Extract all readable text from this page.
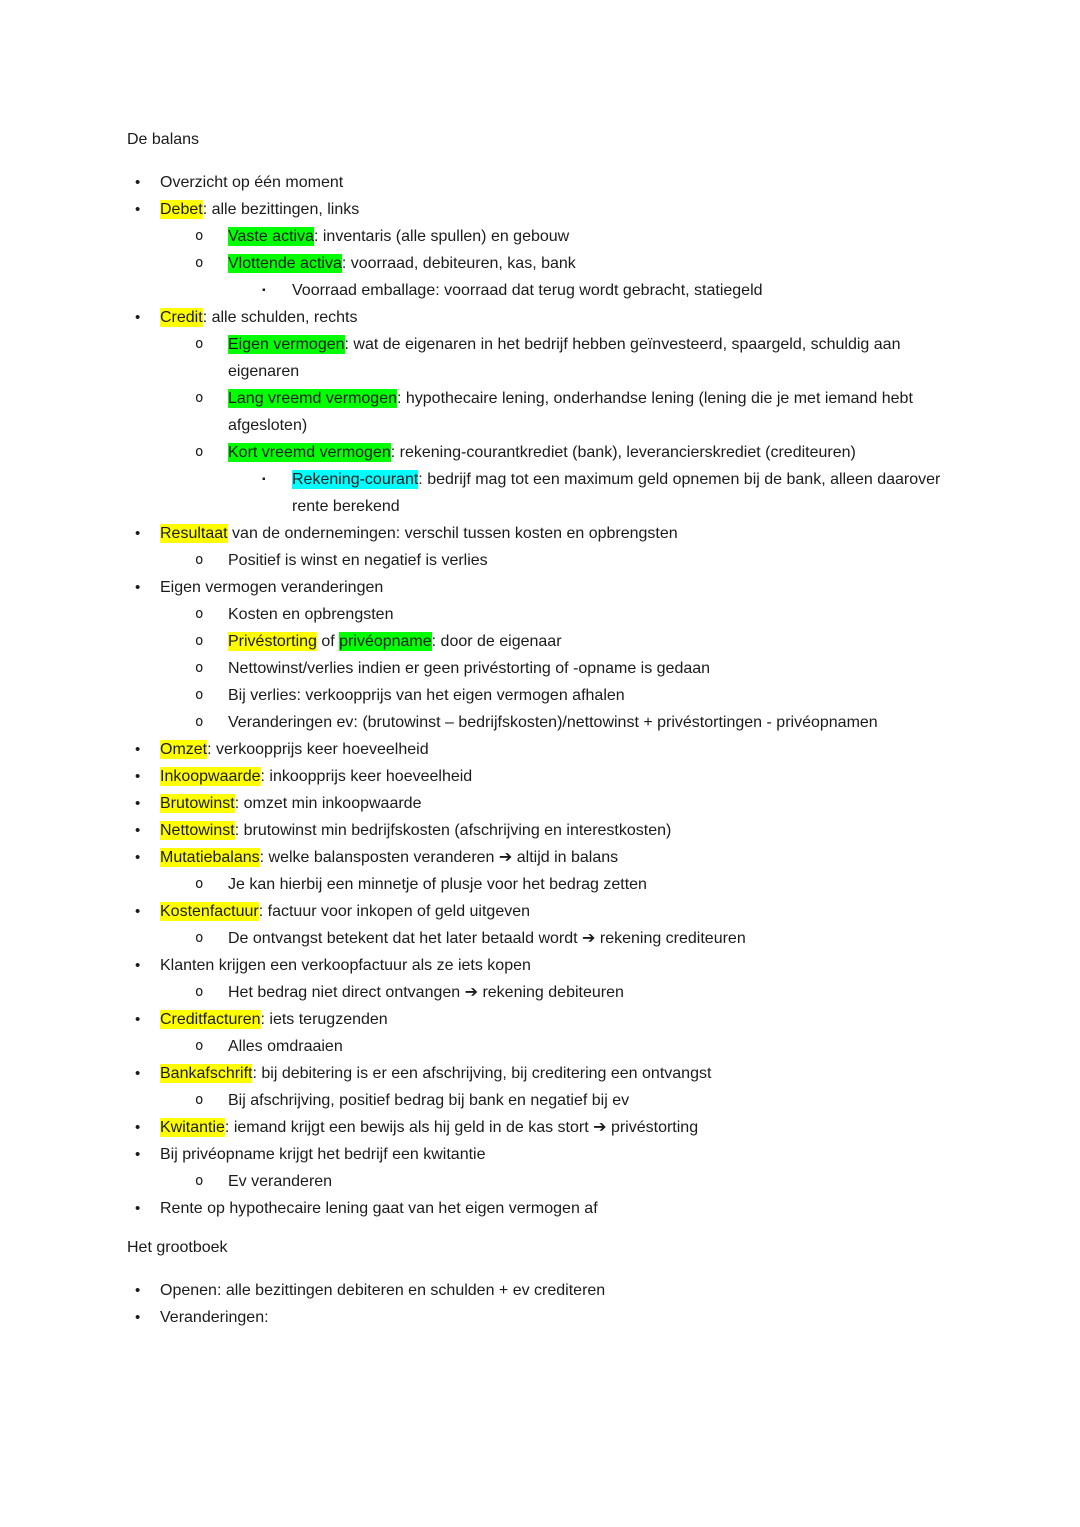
De balans

• Overzicht op één moment
• Debet: alle bezittingen, links
o Vaste activa: inventaris (alle spullen) en gebouw
o Vlottende activa: voorraad, debiteuren, kas, bank
▪ Voorraad emballage: voorraad dat terug wordt gebracht, statiegeld
• Credit: alle schulden, rechts
o Eigen vermogen: wat de eigenaren in het bedrijf hebben geïnvesteerd, spaargeld, schuldig aan eigenaren
o Lang vreemd vermogen: hypothecaire lening, onderhandse lening (lening die je met iemand hebt afgesloten)
o Kort vreemd vermogen: rekening-courantkrediet (bank), leverancierskrediet (crediteuren)
▪ Rekening-courant: bedrijf mag tot een maximum geld opnemen bij de bank, alleen daarover rente berekend
• Resultaat van de ondernemingen: verschil tussen kosten en opbrengsten
o Positief is winst en negatief is verlies
• Eigen vermogen veranderingen
o Kosten en opbrengsten
o Privéstorting of privéopname: door de eigenaar
o Nettowinst/verlies indien er geen privéstorting of -opname is gedaan
o Bij verlies: verkoopprijs van het eigen vermogen afhalen
o Veranderingen ev: (brutowinst – bedrijfskosten)/nettowinst + privéstortingen - privéopnamen
• Omzet: verkoopprijs keer hoeveelheid
• Inkoopwaarde: inkoopprijs keer hoeveelheid
• Brutowinst: omzet min inkoopwaarde
• Nettowinst: brutowinst min bedrijfskosten (afschrijving en interestkosten)
• Mutatiebalans: welke balansposten veranderen ➔ altijd in balans
o Je kan hierbij een minnetje of plusje voor het bedrag zetten
• Kostenfactuur: factuur voor inkopen of geld uitgeven
o De ontvangst betekent dat het later betaald wordt ➔ rekening crediteuren
• Klanten krijgen een verkoopfactuur als ze iets kopen
o Het bedrag niet direct ontvangen ➔ rekening debiteuren
• Creditfacturen: iets terugzenden
o Alles omdraaien
• Bankafschrift: bij debitering is er een afschrijving, bij creditering een ontvangst
o Bij afschrijving, positief bedrag bij bank en negatief bij ev
• Kwitantie: iemand krijgt een bewijs als hij geld in de kas stort ➔ privéstorting
• Bij privéopname krijgt het bedrijf een kwitantie
o Ev veranderen
• Rente op hypothecaire lening gaat van het eigen vermogen af

Het grootboek

• Openen: alle bezittingen debiteren en schulden + ev crediteren
• Veranderingen:
